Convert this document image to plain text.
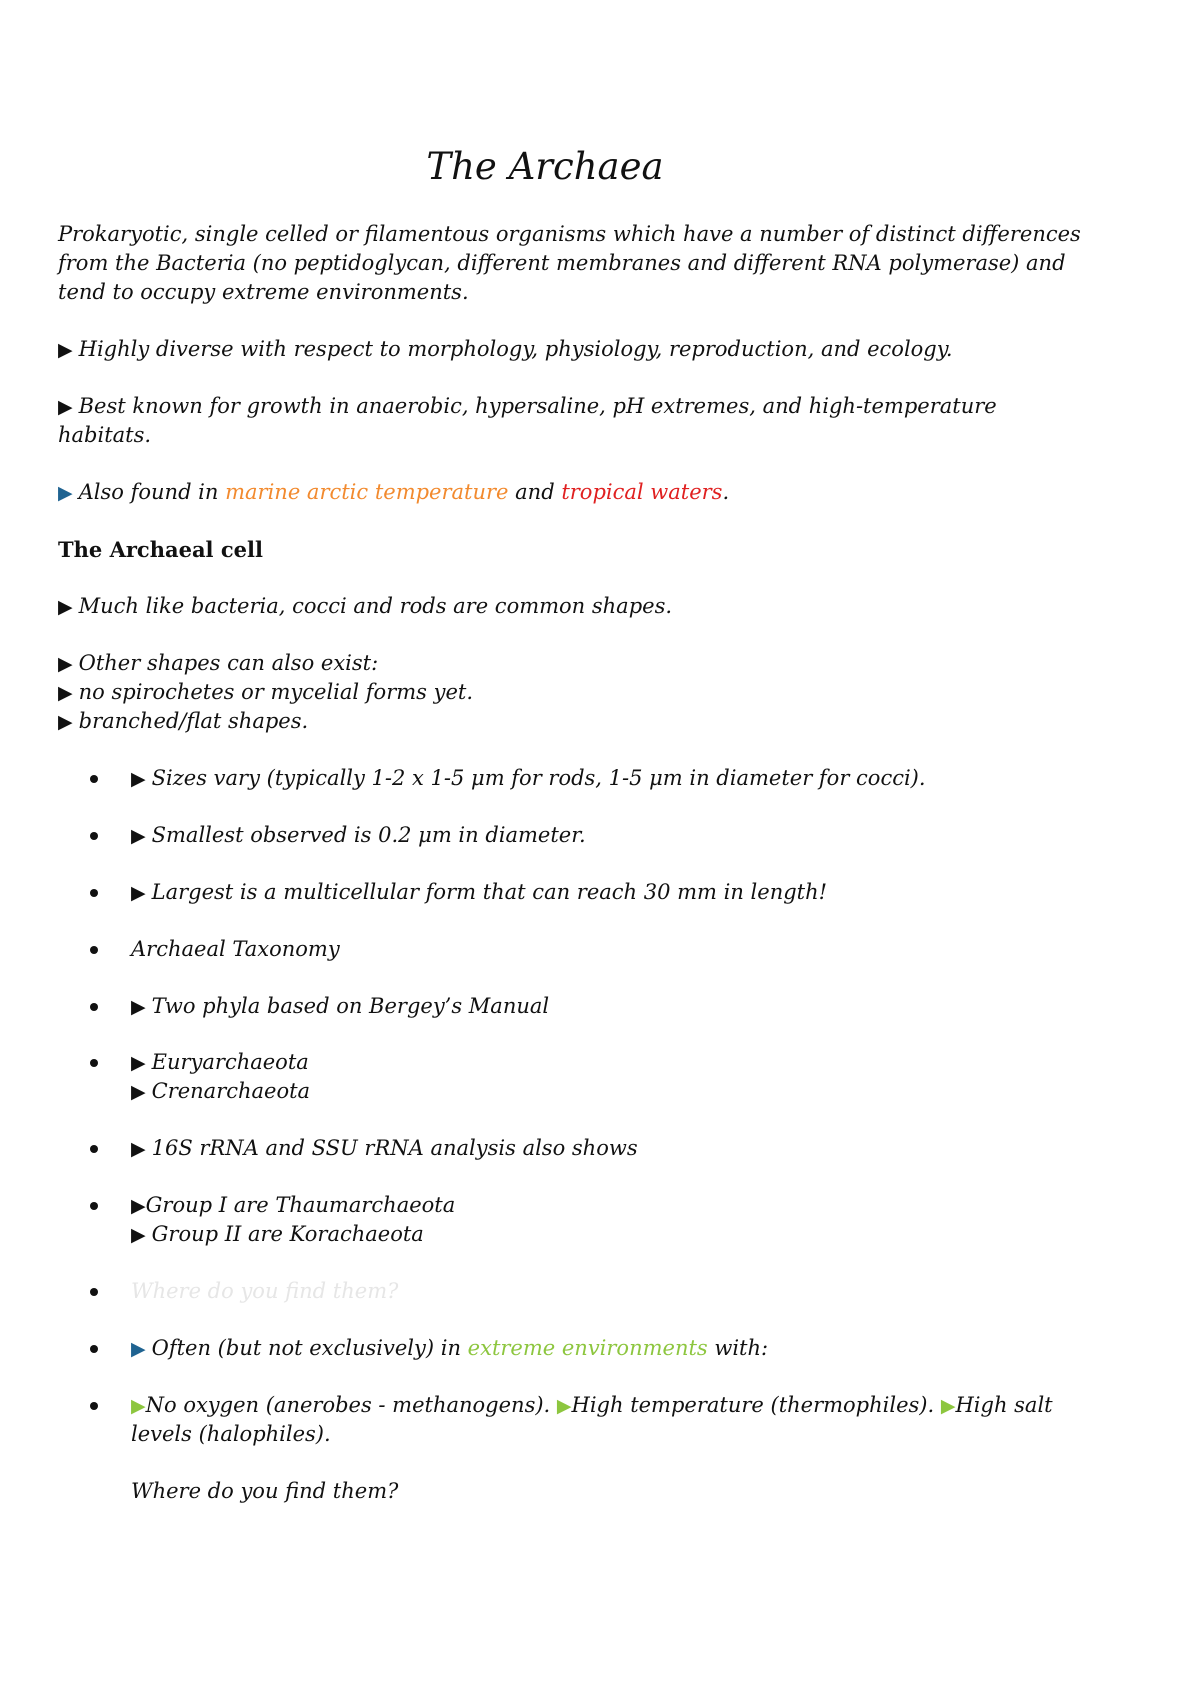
The Archaea
Prokaryotic, single celled or filamentous organisms which have a number of distinct differences
from the Bacteria (no peptidoglycan, different membranes and different RNA polymerase) and
tend to occupy extreme environments.
▶ Highly diverse with respect to morphology, physiology, reproduction, and ecology.
▶ Best known for growth in anaerobic, hypersaline, pH extremes, and high-temperature
habitats.
▶ Also found in marine arctic temperature and tropical waters.
The Archaeal cell
▶ Much like bacteria, cocci and rods are common shapes.
▶ Other shapes can also exist:
▶ no spirochetes or mycelial forms yet.
▶ branched/flat shapes.
▶ Sizes vary (typically 1-2 x 1-5 μm for rods, 1-5 μm in diameter for cocci).
▶ Smallest observed is 0.2 μm in diameter.
▶ Largest is a multicellular form that can reach 30 mm in length!
Archaeal Taxonomy
▶ Two phyla based on Bergey’s Manual
▶ Euryarchaeota
▶ Crenarchaeota
▶ 16S rRNA and SSU rRNA analysis also shows
▶Group I are Thaumarchaeota
▶ Group II are Korachaeota
Where do you find them?
▶ Often (but not exclusively) in extreme environments with:
▶No oxygen (anerobes - methanogens). ▶High temperature (thermophiles). ▶High salt
levels (halophiles).
Where do you find them?
